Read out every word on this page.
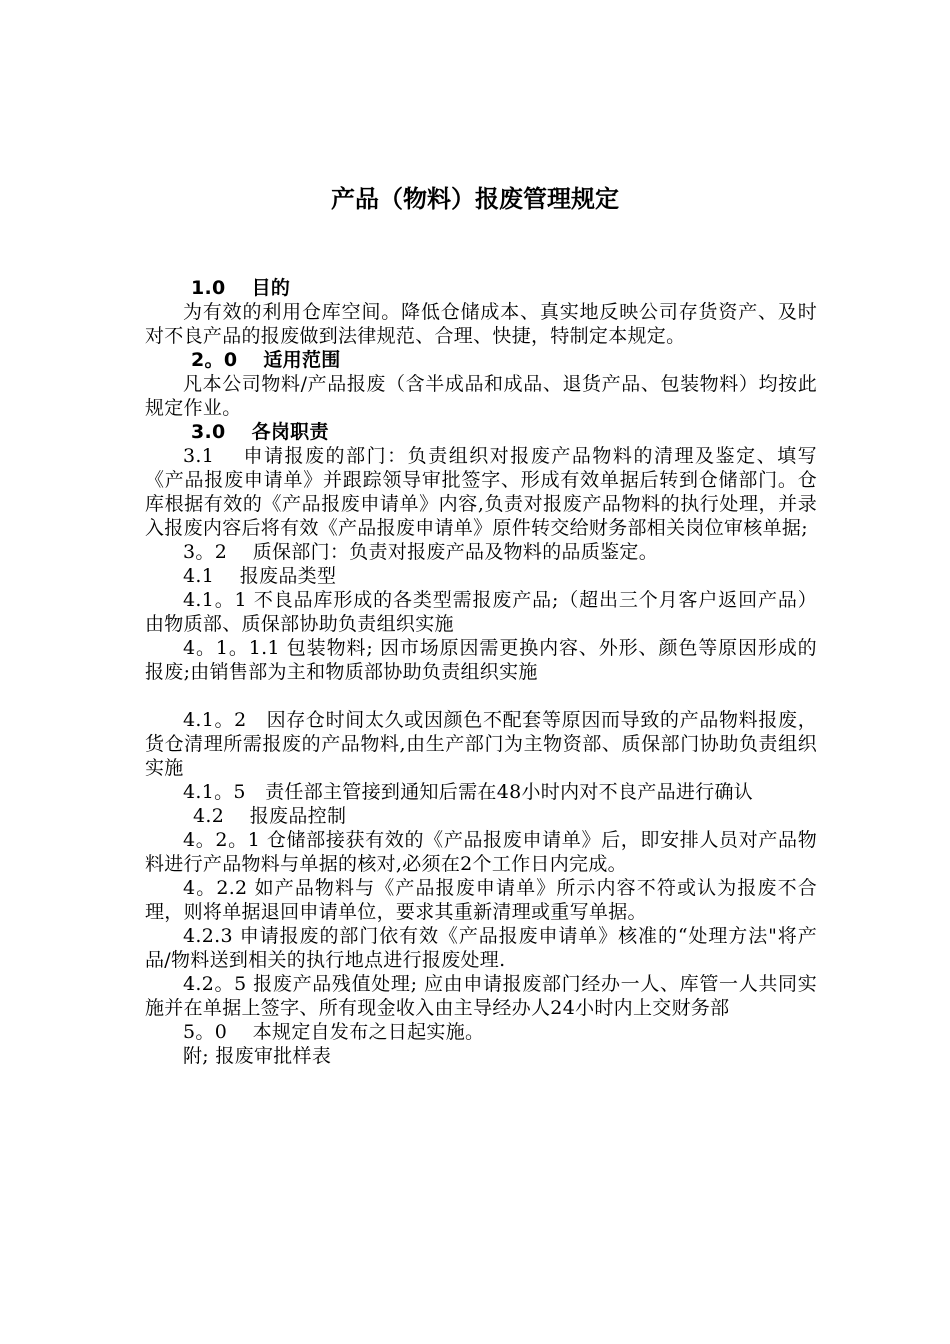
产品（物料）报废管理规定
1.0 目的

为有效的利用仓库空间。降低仓储成本、真实地反映公司存货资产、及时对不良产品的报废做到法律规范、合理、快捷，特制定本规定。

2。0 适用范围

凡本公司物料/产品报废（含半成品和成品、退货产品、包装物料）均按此规定作业。

3.0 各岗职责

3.1　 申请报废的部门：负责组织对报废产品物料的清理及鉴定、填写《产品报废申请单》并跟踪领导审批签字、形成有效单据后转到仓储部门。仓库根据有效的《产品报废申请单》内容,负责对报废产品物料的执行处理，并录入报废内容后将有效《产品报废申请单》原件转交给财务部相关岗位审核单据;

3。2　 质保部门：负责对报废产品及物料的品质鉴定。

4.1　 报废品类型

4.1。1 不良品库形成的各类型需报废产品;（超出三个月客户返回产品）由物质部、质保部协助负责组织实施

4。1。1.1 包装物料; 因市场原因需更换内容、外形、颜色等原因形成的报废;由销售部为主和物质部协助负责组织实施

4.1。2　因存仓时间太久或因颜色不配套等原因而导致的产品物料报废，货仓清理所需报废的产品物料,由生产部门为主物资部、质保部门协助负责组织实施

4.1。5　责任部主管接到通知后需在48小时内对不良产品进行确认

4.2　 报废品控制

4。2。1 仓储部接获有效的《产品报废申请单》后，即安排人员对产品物料进行产品物料与单据的核对,必须在2个工作日内完成。

4。2.2 如产品物料与《产品报废申请单》所示内容不符或认为报废不合理，则将单据退回申请单位，要求其重新清理或重写单据。

4.2.3 申请报废的部门依有效《产品报废申请单》核准的“处理方法"将产品/物料送到相关的执行地点进行报废处理.

4.2。5 报废产品残值处理; 应由申请报废部门经办一人、库管一人共同实施并在单据上签字、所有现金收入由主导经办人24小时内上交财务部

5。0　 本规定自发布之日起实施。

附; 报废审批样表
